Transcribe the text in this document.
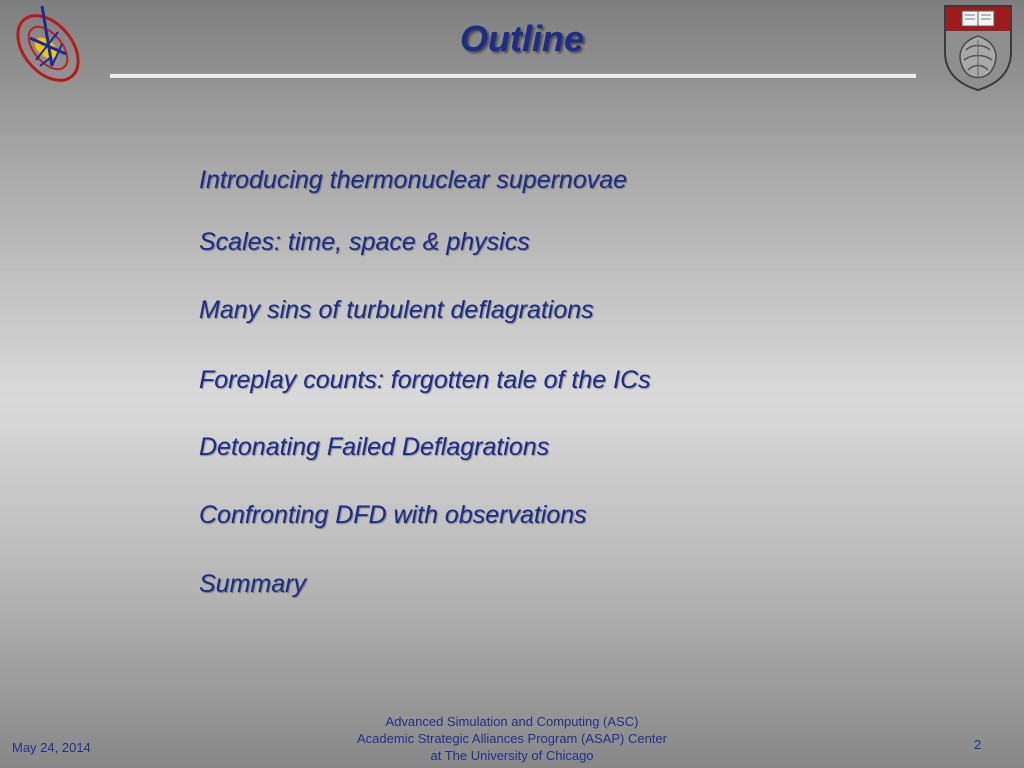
Outline
Introducing thermonuclear supernovae
Scales: time, space & physics
Many sins of turbulent deflagrations
Foreplay counts: forgotten tale of the ICs
Detonating Failed Deflagrations
Confronting DFD with observations
Summary
May 24, 2014
Advanced Simulation and Computing (ASC)
Academic Strategic Alliances Program (ASAP) Center
at The University of Chicago
2
